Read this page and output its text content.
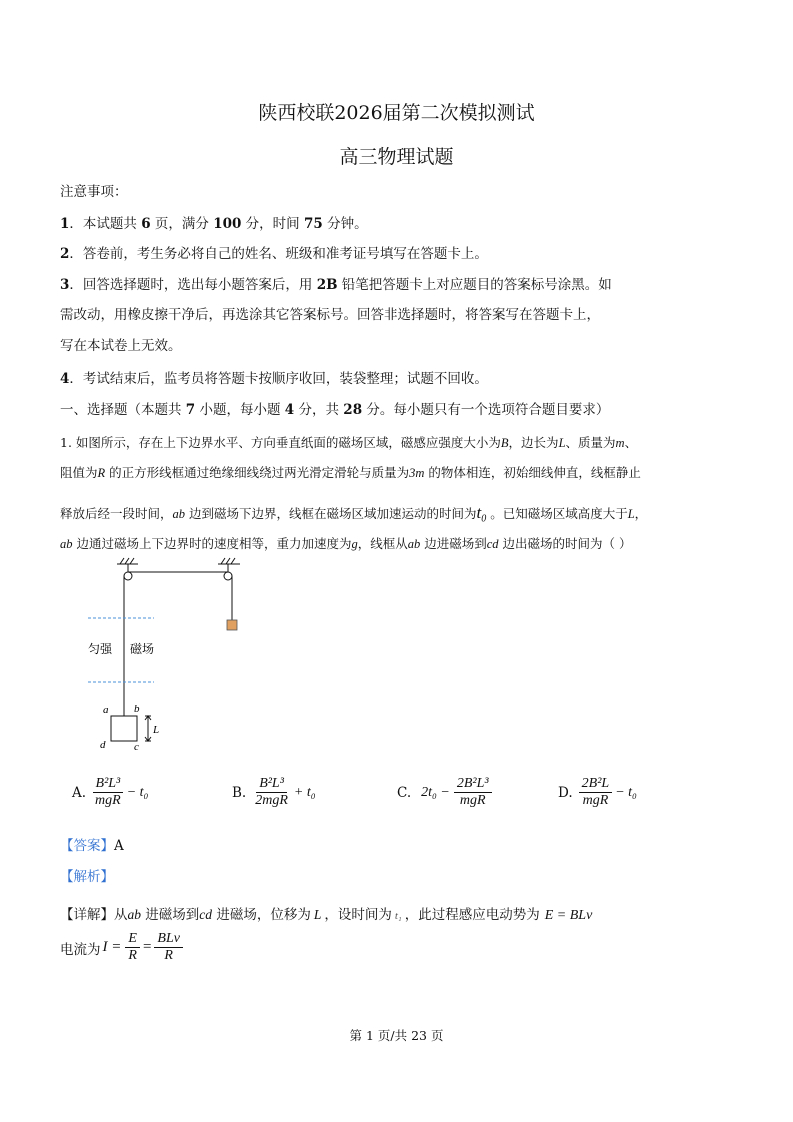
陕西校联2026届第二次模拟测试
高三物理试题
注意事项：
1．本试题共 6 页，满分 100 分，时间 75 分钟。
2．答卷前，考生务必将自己的姓名、班级和准考证号填写在答题卡上。
3．回答选择题时，选出每小题答案后，用 2B 铅笔把答题卡上对应题目的答案标号涂黑。如
需改动，用橡皮擦干净后，再选涂其它答案标号。回答非选择题时，将答案写在答题卡上，
写在本试卷上无效。
4．考试结束后，监考员将答题卡按顺序收回，装袋整理；试题不回收。
一、选择题（本题共 7 小题，每小题 4 分，共 28 分。每小题只有一个选项符合题目要求）
1. 如图所示，存在上下边界水平、方向垂直纸面的磁场区域，磁感应强度大小为B，边长为L、质量为m、
阻值为R 的正方形线框通过绝缘细线绕过两光滑定滑轮与质量为3m 的物体相连，初始细线伸直，线框静止
释放后经一段时间，ab 边到磁场下边界，线框在磁场区域加速运动的时间为$t_0$ 。已知磁场区域高度大于L，
ab 边通过磁场上下边界时的速度相等，重力加速度为g，线框从ab 边进磁场到cd 边出磁场的时间为（ ）
匀强 磁场
a b
d	c
L
A. $\frac{\text{B²L³}}{\text{mgR}} - t_0$	B. $\frac{\text{B²L³}}{\text{2mgR}} + t_0$	C. $2t_0 - \frac{\text{2B²L³}}{\text{mgR}}$	D. $\frac{\text{2B²L}}{\text{mgR}} - t_0$
【答案】A
【解析】
【详解】从ab 进磁场到cd 进磁场，位移为 L ，设时间为 t₁ ，此过程感应电动势为 E = BLv
电流为 $I = \frac{E}{R} = \frac{\text{BLv}}{R}$
第 1 页/共 23 页
